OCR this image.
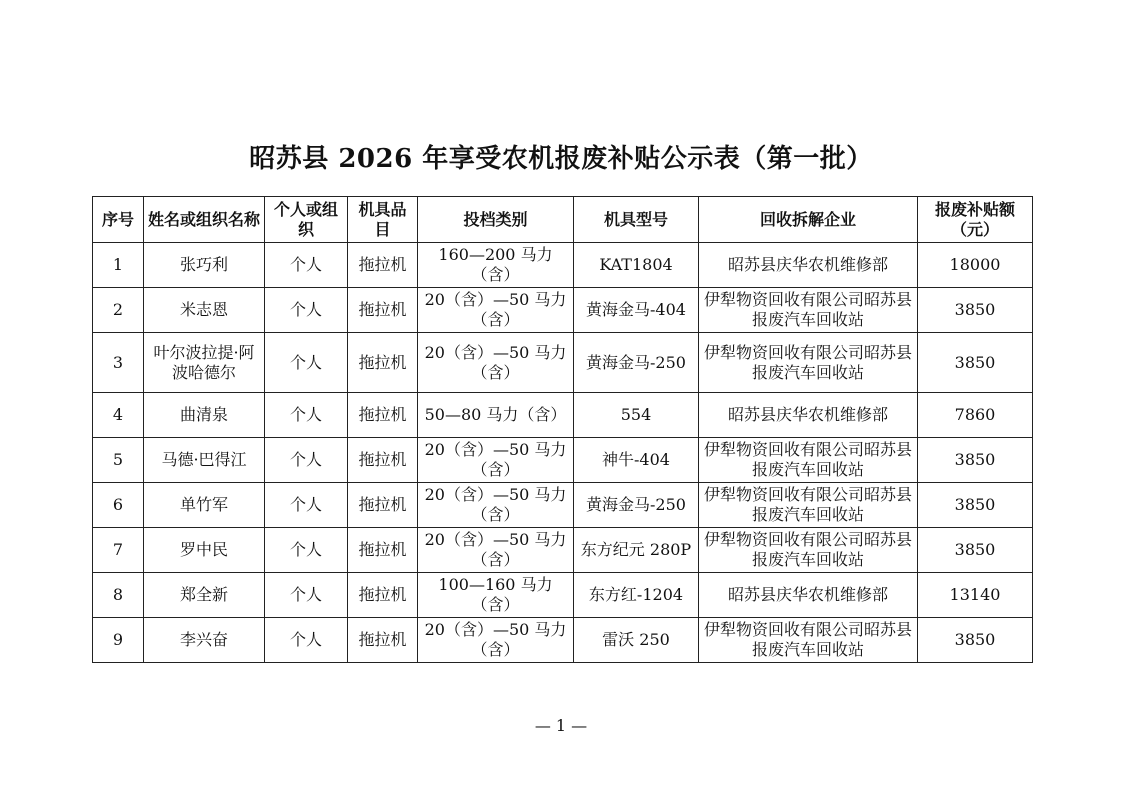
昭苏县 2026 年享受农机报废补贴公示表（第一批）
序号	姓名或组织名称	个人或组织	机具品目	投档类别	机具型号	回收拆解企业	报废补贴额（元）
1	张巧利	个人	拖拉机	160—200 马力（含）	KAT1804	昭苏县庆华农机维修部	18000
2	米志恩	个人	拖拉机	20（含）—50 马力（含）	黄海金马-404	伊犁物资回收有限公司昭苏县报废汽车回收站	3850
3	叶尔波拉提·阿波哈德尔	个人	拖拉机	20（含）—50 马力（含）	黄海金马-250	伊犁物资回收有限公司昭苏县报废汽车回收站	3850
4	曲清泉	个人	拖拉机	50—80 马力（含）	554	昭苏县庆华农机维修部	7860
5	马德·巴得江	个人	拖拉机	20（含）—50 马力（含）	神牛-404	伊犁物资回收有限公司昭苏县报废汽车回收站	3850
6	单竹军	个人	拖拉机	20（含）—50 马力（含）	黄海金马-250	伊犁物资回收有限公司昭苏县报废汽车回收站	3850
7	罗中民	个人	拖拉机	20（含）—50 马力（含）	东方纪元 280P	伊犁物资回收有限公司昭苏县报废汽车回收站	3850
8	郑全新	个人	拖拉机	100—160 马力（含）	东方红-1204	昭苏县庆华农机维修部	13140
9	李兴奋	个人	拖拉机	20（含）—50 马力（含）	雷沃 250	伊犁物资回收有限公司昭苏县报废汽车回收站	3850
— 1 —
